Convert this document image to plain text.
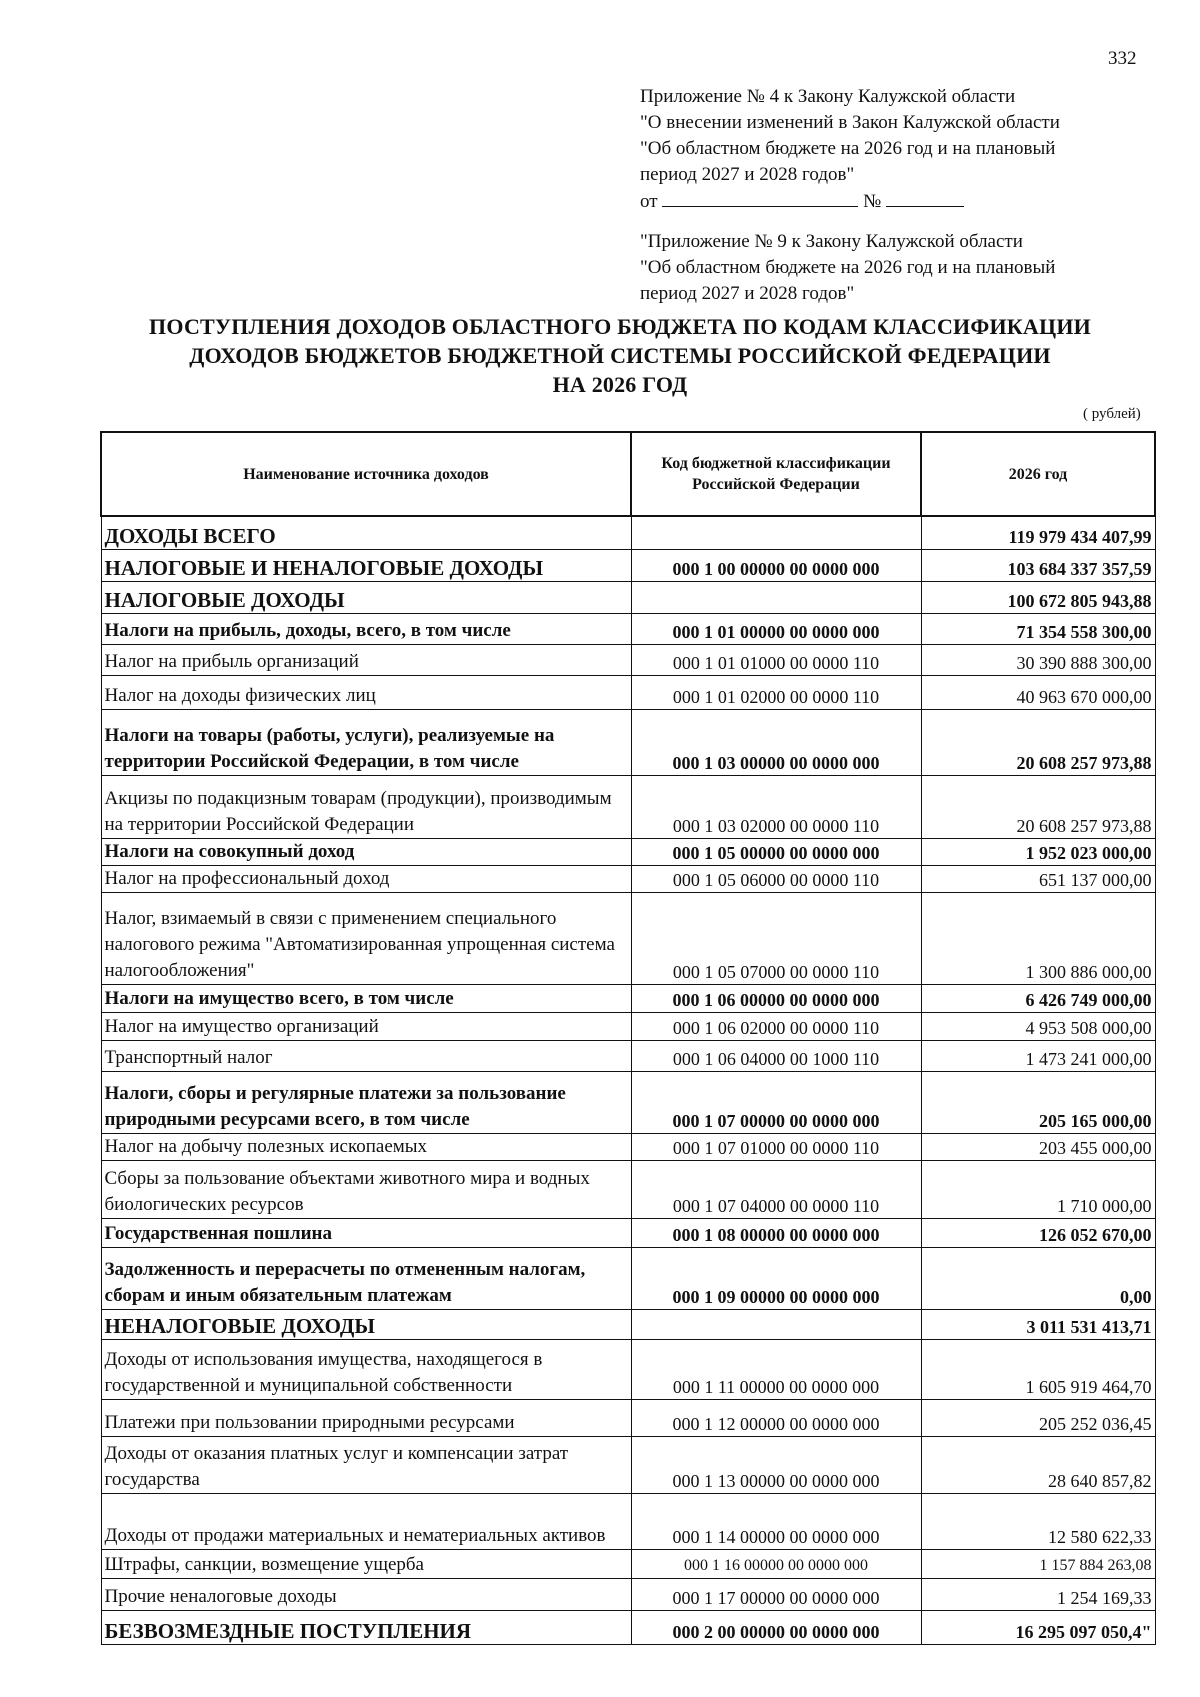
332
Приложение № 4 к Закону Калужской области
"О внесении изменений в Закон Калужской области
"Об областном бюджете на 2026 год и на плановый
период 2027 и 2028 годов"
от	№
"Приложение № 9 к Закону Калужской области
"Об областном бюджете на 2026 год и на плановый
период 2027 и 2028 годов"
ПОСТУПЛЕНИЯ ДОХОДОВ ОБЛАСТНОГО БЮДЖЕТА ПО КОДАМ КЛАССИФИКАЦИИ
ДОХОДОВ БЮДЖЕТОВ БЮДЖЕТНОЙ СИСТЕМЫ РОССИЙСКОЙ ФЕДЕРАЦИИ
НА 2026 ГОД
( рублей)
Наименование источника доходов	Код бюджетной классификации Российской Федерации	2026 год
ДОХОДЫ ВСЕГО		119 979 434 407,99
НАЛОГОВЫЕ И НЕНАЛОГОВЫЕ ДОХОДЫ	000 1 00 00000 00 0000 000	103 684 337 357,59
НАЛОГОВЫЕ ДОХОДЫ		100 672 805 943,88
Налоги на прибыль, доходы, всего, в том числе	000 1 01 00000 00 0000 000	71 354 558 300,00
Налог на прибыль организаций	000 1 01 01000 00 0000 110	30 390 888 300,00
Налог на доходы физических лиц	000 1 01 02000 00 0000 110	40 963 670 000,00
Налоги на товары (работы, услуги), реализуемые на территории Российской Федерации, в том числе	000 1 03 00000 00 0000 000	20 608 257 973,88
Акцизы по подакцизным товарам (продукции), производимым на территории Российской Федерации	000 1 03 02000 00 0000 110	20 608 257 973,88
Налоги на совокупный доход	000 1 05 00000 00 0000 000	1 952 023 000,00
Налог на профессиональный доход	000 1 05 06000 00 0000 110	651 137 000,00
Налог, взимаемый в связи с применением специального налогового режима "Автоматизированная упрощенная система налогообложения"	000 1 05 07000 00 0000 110	1 300 886 000,00
Налоги на имущество всего, в том числе	000 1 06 00000 00 0000 000	6 426 749 000,00
Налог на имущество организаций	000 1 06 02000 00 0000 110	4 953 508 000,00
Транспортный налог	000 1 06 04000 00 1000 110	1 473 241 000,00
Налоги, сборы и регулярные платежи за пользование природными ресурсами всего, в том числе	000 1 07 00000 00 0000 000	205 165 000,00
Налог на добычу полезных ископаемых	000 1 07 01000 00 0000 110	203 455 000,00
Сборы за пользование объектами животного мира и водных биологических ресурсов	000 1 07 04000 00 0000 110	1 710 000,00
Государственная пошлина	000 1 08 00000 00 0000 000	126 052 670,00
Задолженность и перерасчеты по отмененным налогам, сборам и иным обязательным платежам	000 1 09 00000 00 0000 000	0,00
НЕНАЛОГОВЫЕ ДОХОДЫ		3 011 531 413,71
Доходы от использования имущества, находящегося в государственной и муниципальной собственности	000 1 11 00000 00 0000 000	1 605 919 464,70
Платежи при пользовании природными ресурсами	000 1 12 00000 00 0000 000	205 252 036,45
Доходы от оказания платных услуг и компенсации затрат государства	000 1 13 00000 00 0000 000	28 640 857,82
Доходы от продажи материальных и нематериальных активов	000 1 14 00000 00 0000 000	12 580 622,33
Штрафы, санкции, возмещение ущерба	000 1 16 00000 00 0000 000	1 157 884 263,08
Прочие неналоговые доходы	000 1 17 00000 00 0000 000	1 254 169,33
БЕЗВОЗМЕЗДНЫЕ ПОСТУПЛЕНИЯ	000 2 00 00000 00 0000 000	16 295 097 050,4"
